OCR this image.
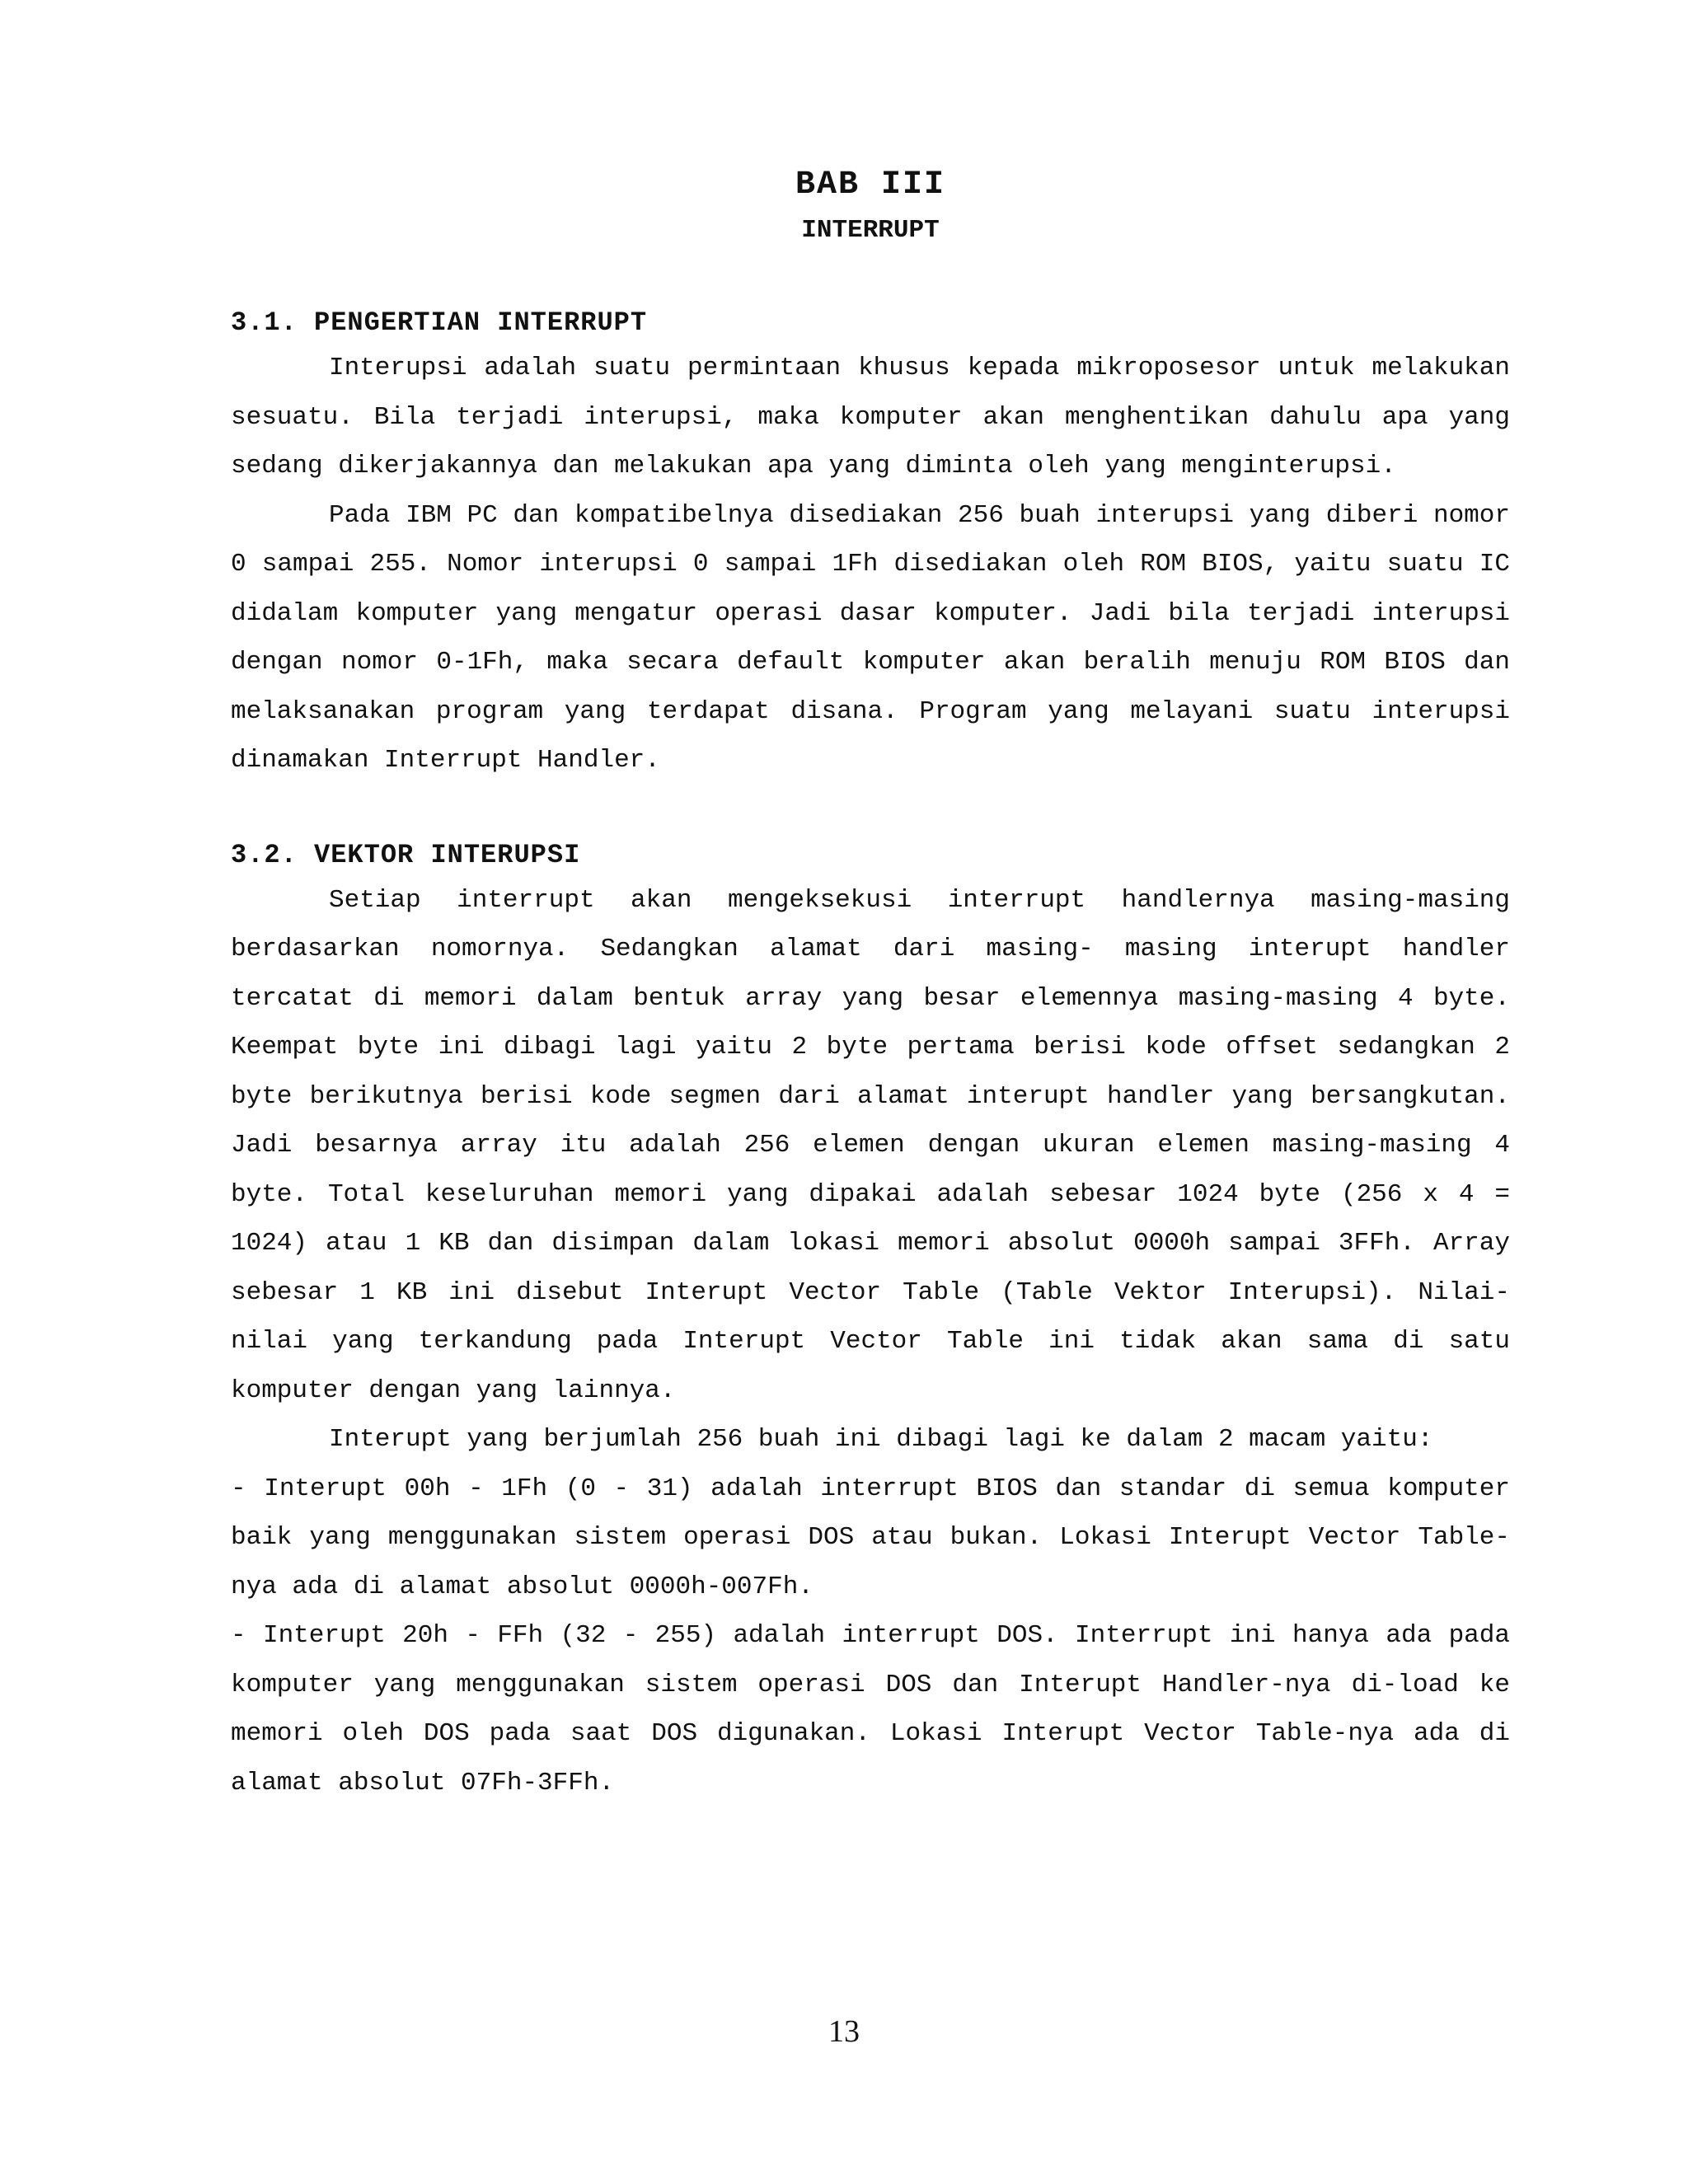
BAB III
INTERRUPT
3.1. PENGERTIAN INTERRUPT

Interupsi adalah suatu permintaan khusus kepada mikroposesor untuk melakukan sesuatu. Bila terjadi interupsi, maka komputer akan menghentikan dahulu apa yang sedang dikerjakannya dan melakukan apa yang diminta oleh yang menginterupsi.

Pada IBM PC dan kompatibelnya disediakan 256 buah interupsi yang diberi nomor 0 sampai 255. Nomor interupsi 0 sampai 1Fh disediakan oleh ROM BIOS, yaitu suatu IC didalam komputer yang mengatur operasi dasar komputer. Jadi bila terjadi interupsi dengan nomor 0-1Fh, maka secara default komputer akan beralih menuju ROM BIOS dan melaksanakan program yang terdapat disana. Program yang melayani suatu interupsi dinamakan Interrupt Handler.

3.2. VEKTOR INTERUPSI

Setiap interrupt akan mengeksekusi interrupt handlernya masing-masing berdasarkan nomornya. Sedangkan alamat dari masing- masing interupt handler tercatat di memori dalam bentuk array yang besar elemennya masing-masing 4 byte. Keempat byte ini dibagi lagi yaitu 2 byte pertama berisi kode offset sedangkan 2 byte berikutnya berisi kode segmen dari alamat interupt handler yang bersangkutan. Jadi besarnya array itu adalah 256 elemen dengan ukuran elemen masing-masing 4 byte. Total keseluruhan memori yang dipakai adalah sebesar 1024 byte (256 x 4 = 1024) atau 1 KB dan disimpan dalam lokasi memori absolut 0000h sampai 3FFh. Array sebesar 1 KB ini disebut Interupt Vector Table (Table Vektor Interupsi). Nilai-nilai yang terkandung pada Interupt Vector Table ini tidak akan sama di satu komputer dengan yang lainnya.

Interupt yang berjumlah 256 buah ini dibagi lagi ke dalam 2 macam yaitu:

- Interupt 00h - 1Fh (0 - 31) adalah interrupt BIOS dan standar di semua komputer baik yang menggunakan sistem operasi DOS atau bukan. Lokasi Interupt Vector Table-nya ada di alamat absolut 0000h-007Fh.

- Interupt 20h - FFh (32 - 255) adalah interrupt DOS. Interrupt ini hanya ada pada komputer yang menggunakan sistem operasi DOS dan Interupt Handler-nya di-load ke memori oleh DOS pada saat DOS digunakan. Lokasi Interupt Vector Table-nya ada di alamat absolut 07Fh-3FFh.

13
